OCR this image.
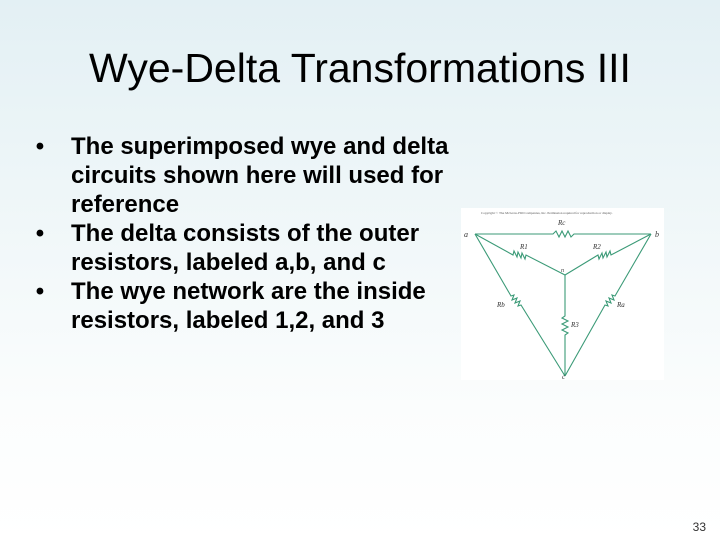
Wye-Delta Transformations III
• The superimposed wye and delta circuits shown here will used for reference
• The delta consists of the outer resistors, labeled a,b, and c
• The wye network are the inside resistors, labeled 1,2, and 3
Copyright © The McGraw-Hill Companies, Inc. Permission required for reproduction or display.
a	b
c
n
Rc
R1	R2
R3
Rb	Ra
33
